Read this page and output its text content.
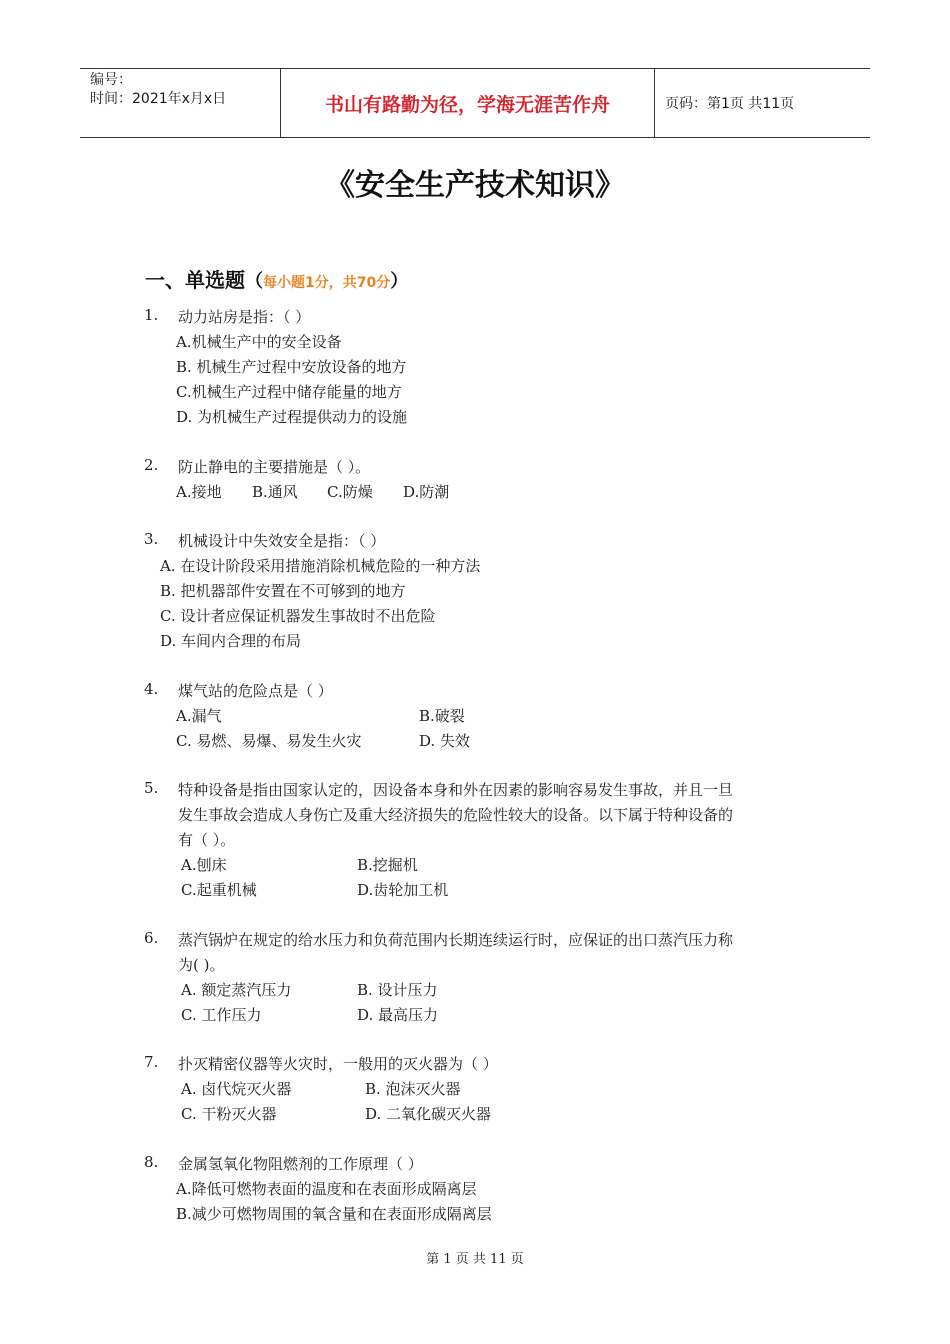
编号：
时间：2021年x月x日	书山有路勤为径，学海无涯苦作舟	页码：第1页 共11页
《安全生产技术知识》
一、单选题（每小题1分，共70分）
1. 动力站房是指：（ ）
A.机械生产中的安全设备
B. 机械生产过程中安放设备的地方
C.机械生产过程中储存能量的地方
D. 为机械生产过程提供动力的设施
2. 防止静电的主要措施是（ ）。
A.接地 B.通风 C.防燥 D.防潮
3. 机械设计中失效安全是指：（ ）
A. 在设计阶段采用措施消除机械危险的一种方法
B. 把机器部件安置在不可够到的地方
C. 设计者应保证机器发生事故时不出危险
D. 车间内合理的布局
4. 煤气站的危险点是（ ）
A.漏气	B.破裂
C. 易燃、易爆、易发生火灾	D. 失效
5. 特种设备是指由国家认定的，因设备本身和外在因素的影响容易发生事故，并且一旦
发生事故会造成人身伤亡及重大经济损失的危险性较大的设备。以下属于特种设备的
有（ ）。
A.刨床	B.挖掘机
C.起重机械	D.齿轮加工机
6. 蒸汽锅炉在规定的给水压力和负荷范围内长期连续运行时，应保证的出口蒸汽压力称
为( )。
A. 额定蒸汽压力	B. 设计压力
C. 工作压力	D. 最高压力
7. 扑灭精密仪器等火灾时，一般用的灭火器为（ ）
A. 卤代烷灭火器	B. 泡沫灭火器
C. 干粉灭火器	D. 二氧化碳灭火器
8. 金属氢氧化物阻燃剂的工作原理（ ）
A.降低可燃物表面的温度和在表面形成隔离层
B.减少可燃物周围的氧含量和在表面形成隔离层
第 1 页 共 11 页
